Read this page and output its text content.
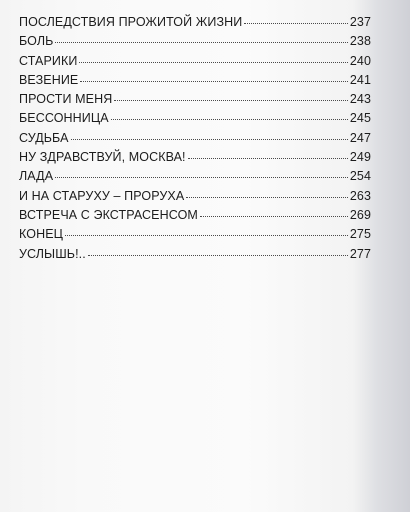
ПОСЛЕДСТВИЯ ПРОЖИТОЙ ЖИЗНИ	237
БОЛЬ	238
СТАРИКИ	240
ВЕЗЕНИЕ	241
ПРОСТИ МЕНЯ	243
БЕССОННИЦА	245
СУДЬБА	247
НУ ЗДРАВСТВУЙ, МОСКВА!	249
ЛАДА	254
И НА СТАРУХУ – ПРОРУХА	263
ВСТРЕЧА С ЭКСТРАСЕНСОМ	269
КОНЕЦ	275
УСЛЫШЬ!..	277
